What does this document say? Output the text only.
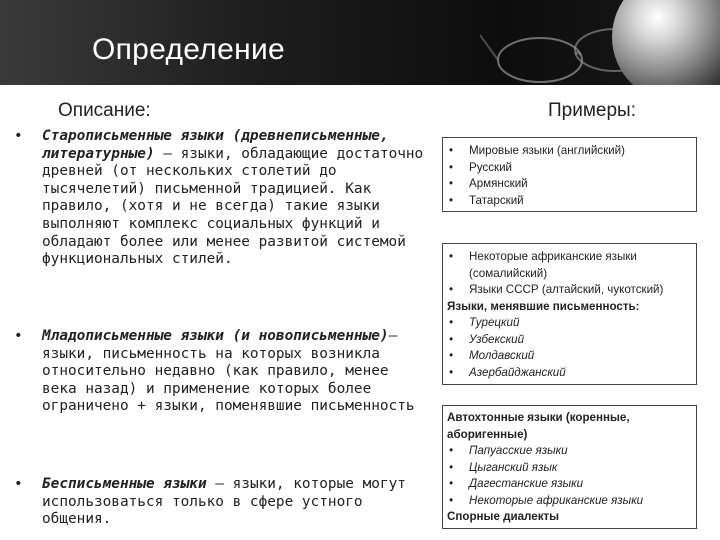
Определение
Описание:	Примеры:
• Старописьменные языки (древнеписьменные, литературные) – языки, обладающие достаточно древней (от нескольких столетий до тысячелетий) письменной традицией. Как правило, (хотя и не всегда) такие языки выполняют комплекс социальных функций и обладают более или менее развитой системой функциональных стилей.
• Младописьменные языки (и новописьменные)– языки, письменность на которых возникла относительно недавно (как правило, менее века назад) и применение которых более ограничено + языки, поменявшие письменность
• Бесписьменные языки – языки, которые могут использоваться только в сфере устного общения.
• Мировые языки (английский)
• Русский
• Армянский
• Татарский
• Некоторые африканские языки (сомалийский)
• Языки СССР (алтайский, чукотский)
Языки, менявшие письменность:
• Турецкий
• Узбекский
• Молдавский
• Азербайджанский
Автохтонные языки (коренные, аборигенные)
• Папуасские языки
• Цыганский язык
• Дагестанские языки
• Некоторые африканские языки
Спорные диалекты
